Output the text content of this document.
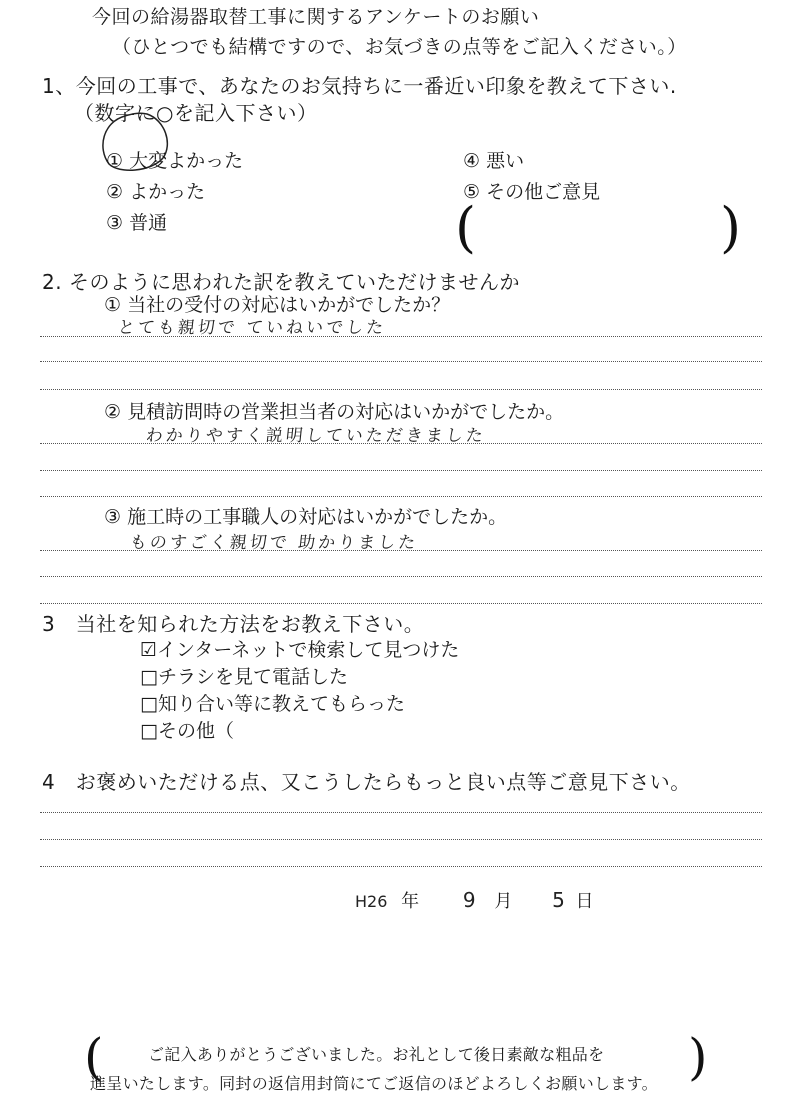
今回の給湯器取替工事に関するアンケートのお願い
（ひとつでも結構ですので、お気づきの点等をご記入ください。）
1、今回の工事で、あなたのお気持ちに一番近い印象を教えて下さい.
（数字に○を記入下さい）
① 大変よかった
② よかった
③ 普通
④ 悪い
⑤ その他ご意見
(	)
2. そのように思われた訳を教えていただけませんか
① 当社の受付の対応はいかがでしたか？
とても親切で ていねいでした
② 見積訪問時の営業担当者の対応はいかがでしたか。
わかりやすく説明していただきました
③ 施工時の工事職人の対応はいかがでしたか。
ものすごく親切で 助かりました
3　当社を知られた方法をお教え下さい。
☑インターネットで検索して見つけた
□チラシを見て電話した
□知り合い等に教えてもらった
□その他（
4　お褒めいただける点、又こうしたらもっと良い点等ご意見下さい。
H26 年 9 月 5 日
(	)
ご記入ありがとうございました。お礼として後日素敵な粗品を
進呈いたします。同封の返信用封筒にてご返信のほどよろしくお願いします。
